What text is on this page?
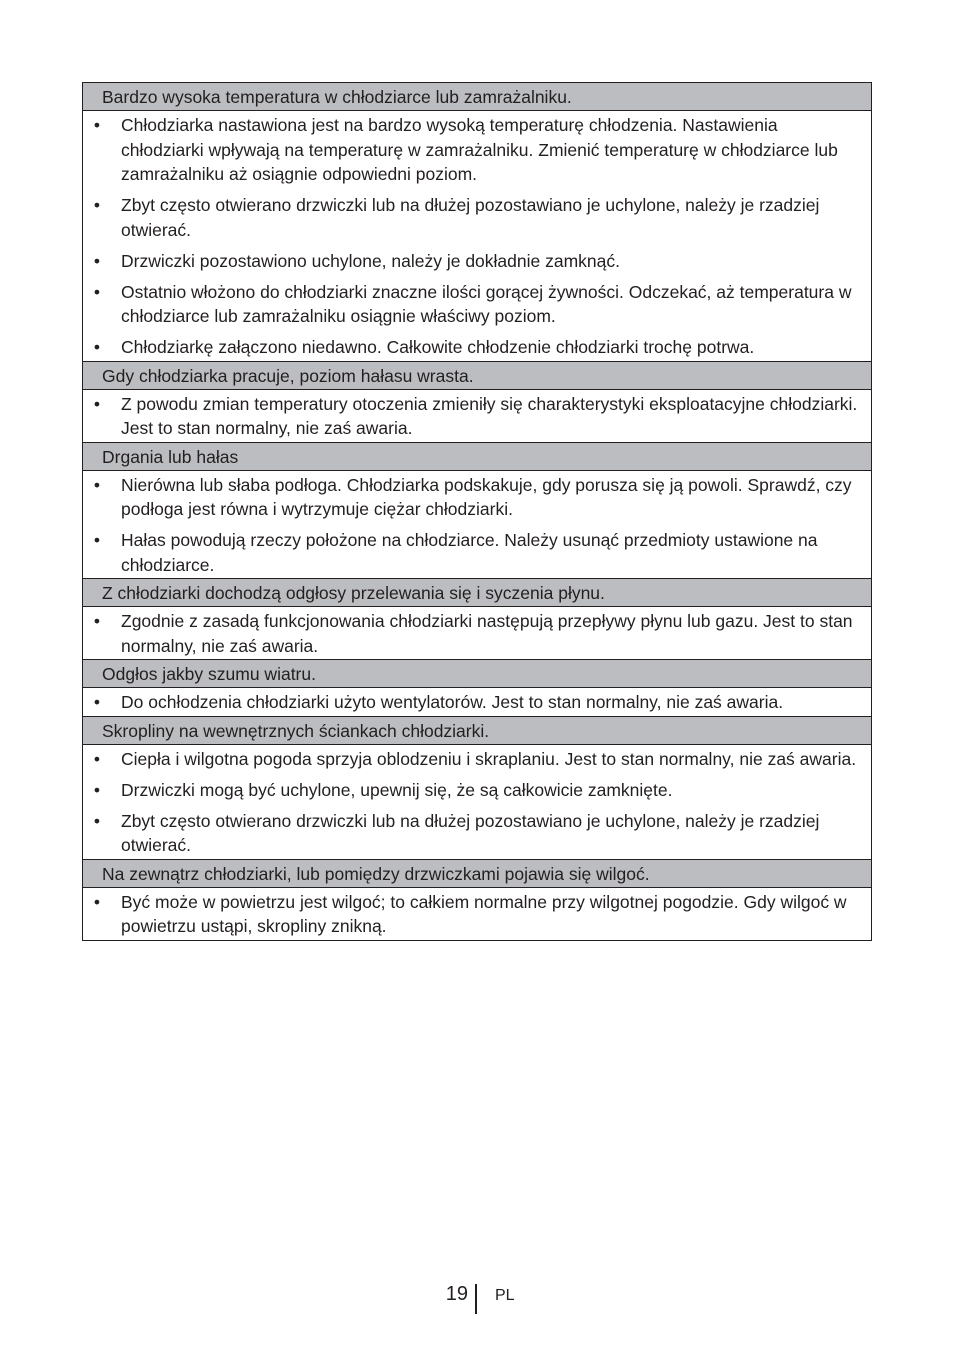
Bardzo wysoka temperatura w chłodziarce lub zamrażalniku.
• Chłodziarka nastawiona jest na bardzo wysoką temperaturę chłodzenia. Nastawienia chłodziarki wpływają na temperaturę w zamrażalniku. Zmienić temperaturę w chłodziarce lub zamrażalniku aż osiągnie odpowiedni poziom.
• Zbyt często otwierano drzwiczki lub na dłużej pozostawiano je uchylone, należy je rzadziej otwierać.
• Drzwiczki pozostawiono uchylone, należy je dokładnie zamknąć.
• Ostatnio włożono do chłodziarki znaczne ilości gorącej żywności. Odczekać, aż temperatura w chłodziarce lub zamrażalniku osiągnie właściwy poziom.
• Chłodziarkę załączono niedawno. Całkowite chłodzenie chłodziarki trochę potrwa.
Gdy chłodziarka pracuje, poziom hałasu wrasta.
• Z powodu zmian temperatury otoczenia zmieniły się charakterystyki eksploatacyjne chłodziarki. Jest to stan normalny, nie zaś awaria.
Drgania lub hałas
• Nierówna lub słaba podłoga. Chłodziarka podskakuje, gdy porusza się ją powoli. Sprawdź, czy podłoga jest równa i wytrzymuje ciężar chłodziarki.
• Hałas powodują rzeczy położone na chłodziarce. Należy usunąć przedmioty ustawione na chłodziarce.
Z chłodziarki dochodzą odgłosy przelewania się i syczenia płynu.
• Zgodnie z zasadą funkcjonowania chłodziarki następują przepływy płynu lub gazu. Jest to stan normalny, nie zaś awaria.
Odgłos jakby szumu wiatru.
• Do ochłodzenia chłodziarki użyto wentylatorów. Jest to stan normalny, nie zaś awaria.
Skropliny na wewnętrznych ściankach chłodziarki.
• Ciepła i wilgotna pogoda sprzyja oblodzeniu i skraplaniu. Jest to stan normalny, nie zaś awaria.
• Drzwiczki mogą być uchylone, upewnij się, że są całkowicie zamknięte.
• Zbyt często otwierano drzwiczki lub na dłużej pozostawiano je uchylone, należy je rzadziej otwierać.
Na zewnątrz chłodziarki, lub pomiędzy drzwiczkami pojawia się wilgoć.
• Być może w powietrzu jest wilgoć; to całkiem normalne przy wilgotnej pogodzie. Gdy wilgoć w powietrzu ustąpi, skropliny znikną.
19 PL
